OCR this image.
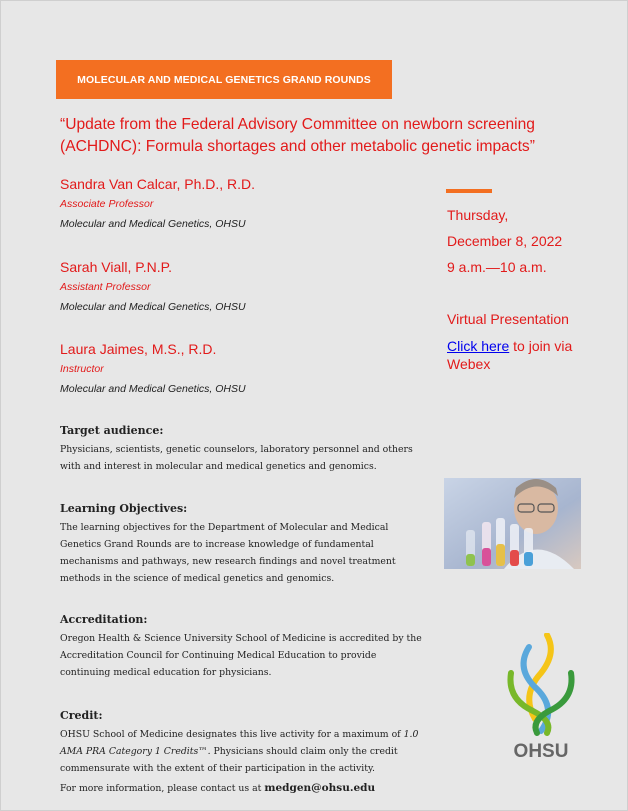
MOLECULAR AND MEDICAL GENETICS GRAND ROUNDS
“Update from the Federal Advisory Committee on newborn screening (ACHDNC): Formula shortages and other metabolic genetic impacts”
Sandra Van Calcar, Ph.D., R.D.
Associate Professor
Molecular and Medical Genetics, OHSU
Sarah Viall, P.N.P.
Assistant Professor
Molecular and Medical Genetics, OHSU
Laura Jaimes, M.S., R.D.
Instructor
Molecular and Medical Genetics, OHSU
Thursday,
December 8, 2022
9 a.m.—10 a.m.
Virtual Presentation
Click here to join via Webex
Target audience:
Physicians, scientists, genetic counselors, laboratory personnel and others with and interest in molecular and medical genetics and genomics.
Learning Objectives:
The learning objectives for the Department of Molecular and Medical Genetics Grand Rounds are to increase knowledge of fundamental mechanisms and pathways, new research findings and novel treatment methods in the science of medical genetics and genomics.
Accreditation:
Oregon Health & Science University School of Medicine is accredited by the Accreditation Council for Continuing Medical Education to provide continuing medical education for physicians.
Credit:
OHSU School of Medicine designates this live activity for a maximum of 1.0 AMA PRA Category 1 Credits™. Physicians should claim only the credit commensurate with the extent of their participation in the activity.
For more information, please contact us at medgen@ohsu.edu
OHSU
